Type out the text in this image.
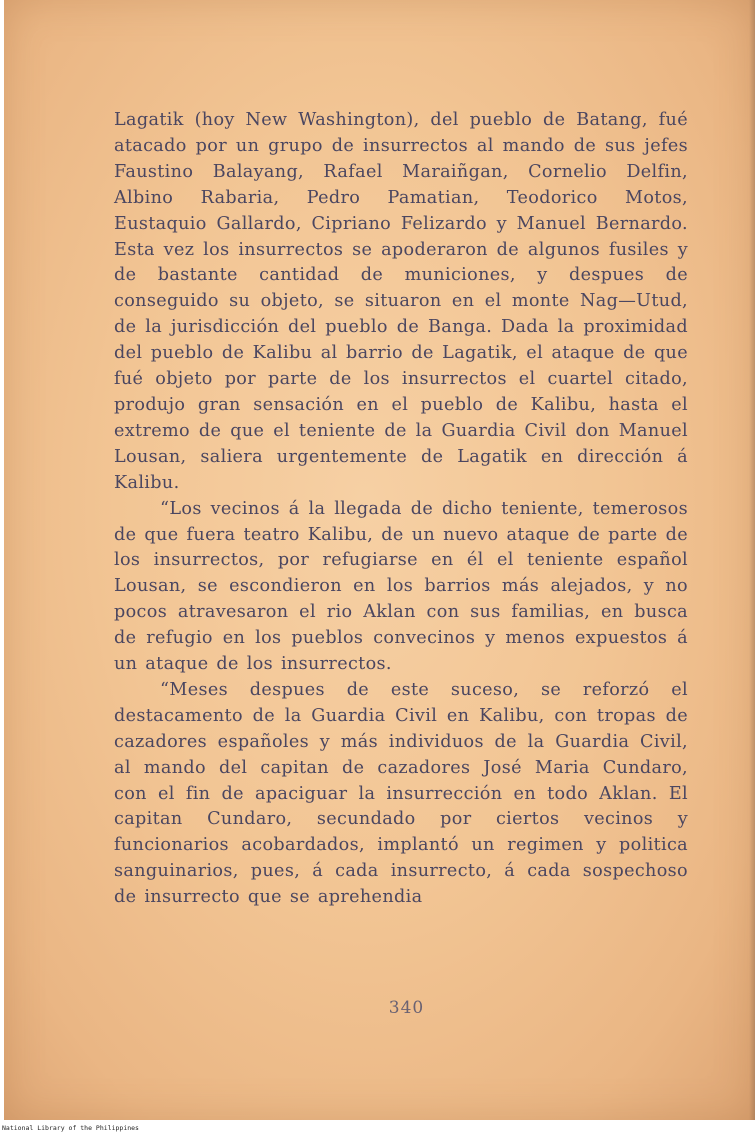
Lagatik (hoy New Washington), del pueblo de Batang, fué atacado por un grupo de insurrectos al mando de sus jefes Faustino Balayang, Rafael Maraiñgan, Cornelio Delfin, Albino Rabaria, Pedro Pamatian, Teodorico Motos, Eustaquio Gallardo, Cipriano Felizardo y Manuel Bernardo. Esta vez los insurrectos se apoderaron de algunos fusiles y de bastante cantidad de municiones, y despues de conseguido su objeto, se situaron en el monte Nag—Utud, de la jurisdicción del pueblo de Banga. Dada la proximidad del pueblo de Kalibu al barrio de Lagatik, el ataque de que fué objeto por parte de los insurrectos el cuartel citado, produjo gran sensación en el pueblo de Kalibu, hasta el extremo de que el teniente de la Guardia Civil don Manuel Lousan, saliera urgentemente de Lagatik en dirección á Kalibu.

“Los vecinos á la llegada de dicho teniente, temerosos de que fuera teatro Kalibu, de un nuevo ataque de parte de los insurrectos, por refugiarse en él el teniente español Lousan, se escondieron en los barrios más alejados, y no pocos atravesaron el rio Aklan con sus familias, en busca de refugio en los pueblos convecinos y menos expuestos á un ataque de los insurrectos.

“Meses despues de este suceso, se reforzó el destacamento de la Guardia Civil en Kalibu, con tropas de cazadores españoles y más individuos de la Guardia Civil, al mando del capitan de cazadores José Maria Cundaro, con el fin de apaciguar la insurrección en todo Aklan. El capitan Cundaro, secundado por ciertos vecinos y funcionarios acobardados, implantó un regimen y politica sanguinarios, pues, á cada insurrecto, á cada sospechoso de insurrecto que se aprehendia

340
National Library of the Philippines
